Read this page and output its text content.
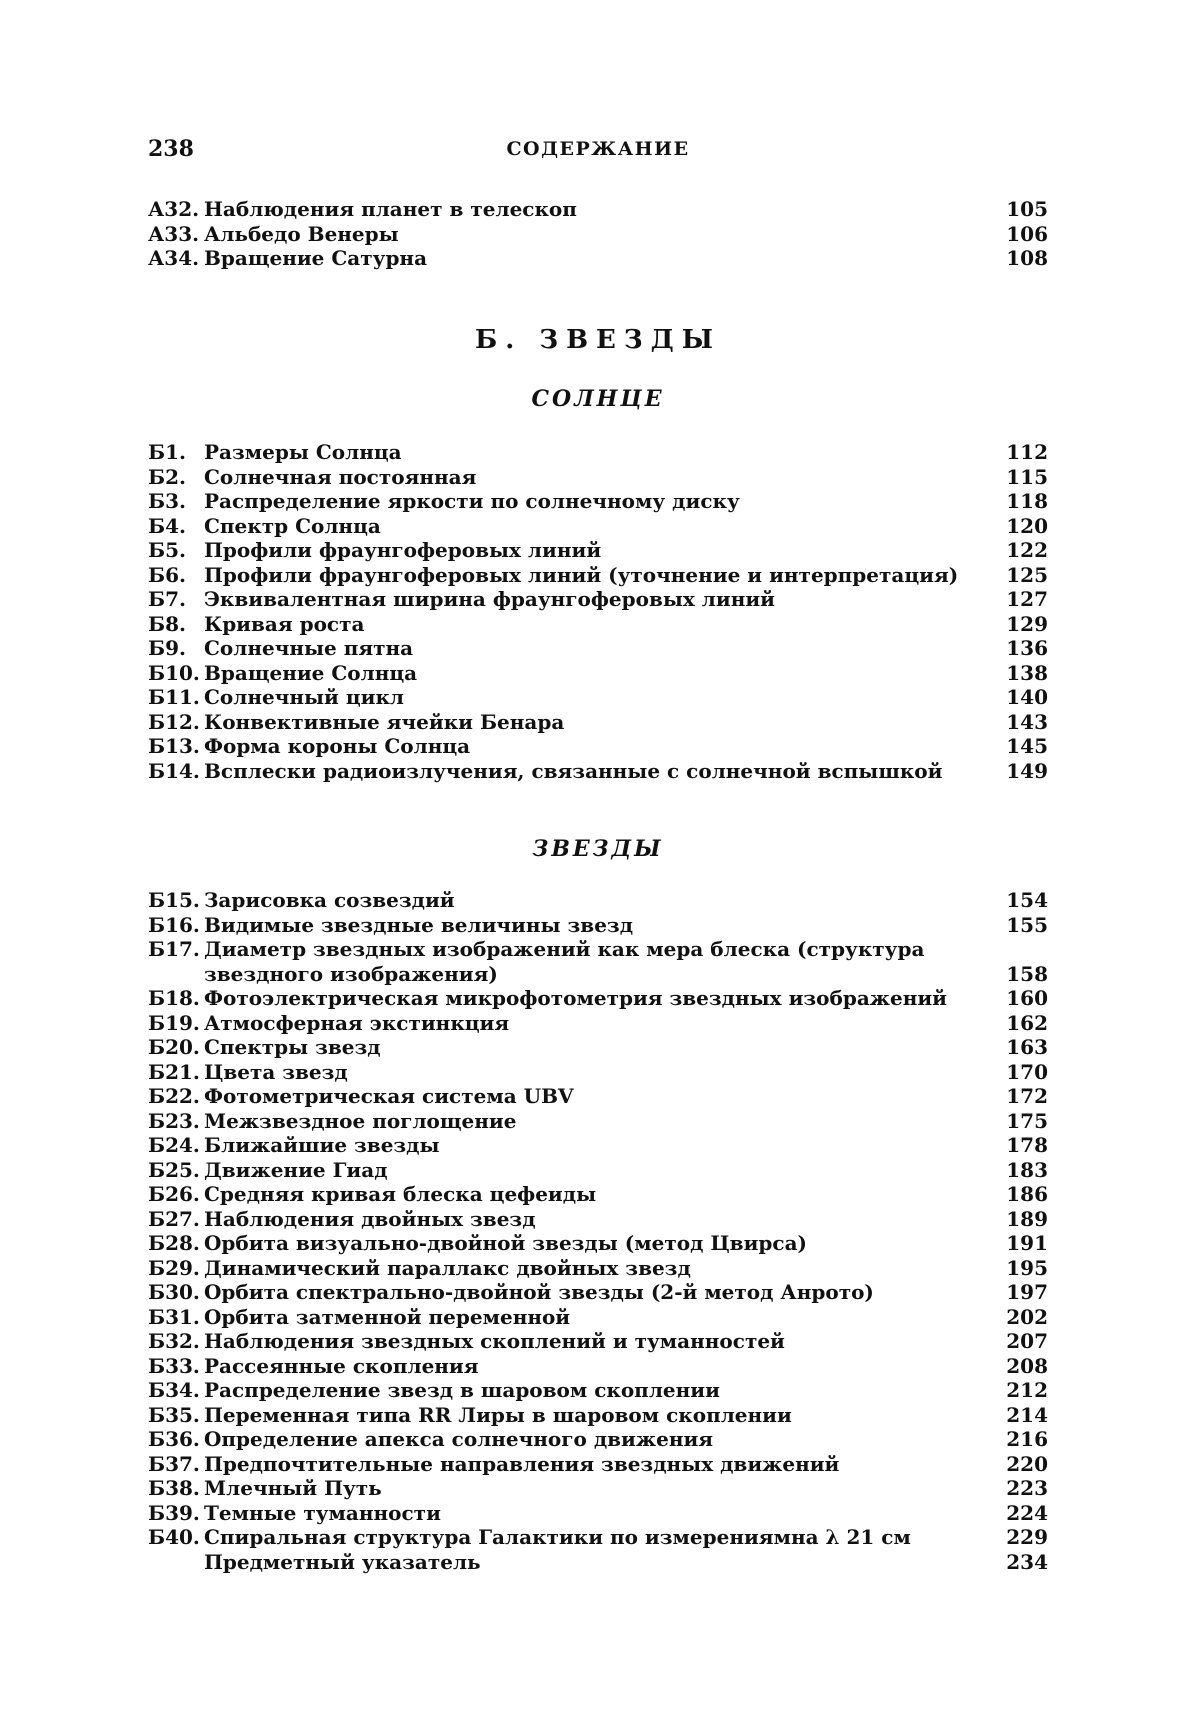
238	СОДЕРЖАНИЕ
А32. Наблюдения планет в телескоп	105
А33. Альбедо Венеры	106
А34. Вращение Сатурна	108
Б. ЗВЕЗДЫ
СОЛНЦЕ
Б1. Размеры Солнца	112
Б2. Солнечная постоянная	115
Б3. Распределение яркости по солнечному диску	118
Б4. Спектр Солнца	120
Б5. Профили фраунгоферовых линий	122
Б6. Профили фраунгоферовых линий (уточнение и интерпретация)	125
Б7. Эквивалентная ширина фраунгоферовых линий	127
Б8. Кривая роста	129
Б9. Солнечные пятна	136
Б10. Вращение Солнца	138
Б11. Солнечный цикл	140
Б12. Конвективные ячейки Бенара	143
Б13. Форма короны Солнца	145
Б14. Всплески радиоизлучения, связанные с солнечной вспышкой	149
ЗВЕЗДЫ
Б15. Зарисовка созвездий	154
Б16. Видимые звездные величины звезд	155
Б17. Диаметр звездных изображений как мера блеска (структура звездного изображения)	158
Б18. Фотоэлектрическая микрофотометрия звездных изображений	160
Б19. Атмосферная экстинкция	162
Б20. Спектры звезд	163
Б21. Цвета звезд	170
Б22. Фотометрическая система UBV	172
Б23. Межзвездное поглощение	175
Б24. Ближайшие звезды	178
Б25. Движение Гиад	183
Б26. Средняя кривая блеска цефеиды	186
Б27. Наблюдения двойных звезд	189
Б28. Орбита визуально-двойной звезды (метод Цвирса)	191
Б29. Динамический параллакс двойных звезд	195
Б30. Орбита спектрально-двойной звезды (2-й метод Анрото)	197
Б31. Орбита затменной переменной	202
Б32. Наблюдения звездных скоплений и туманностей	207
Б33. Рассеянные скопления	208
Б34. Распределение звезд в шаровом скоплении	212
Б35. Переменная типа RR Лиры в шаровом скоплении	214
Б36. Определение апекса солнечного движения	216
Б37. Предпочтительные направления звездных движений	220
Б38. Млечный Путь	223
Б39. Темные туманности	224
Б40. Спиральная структура Галактики по измерениямна λ 21 см	229
Предметный указатель	234
